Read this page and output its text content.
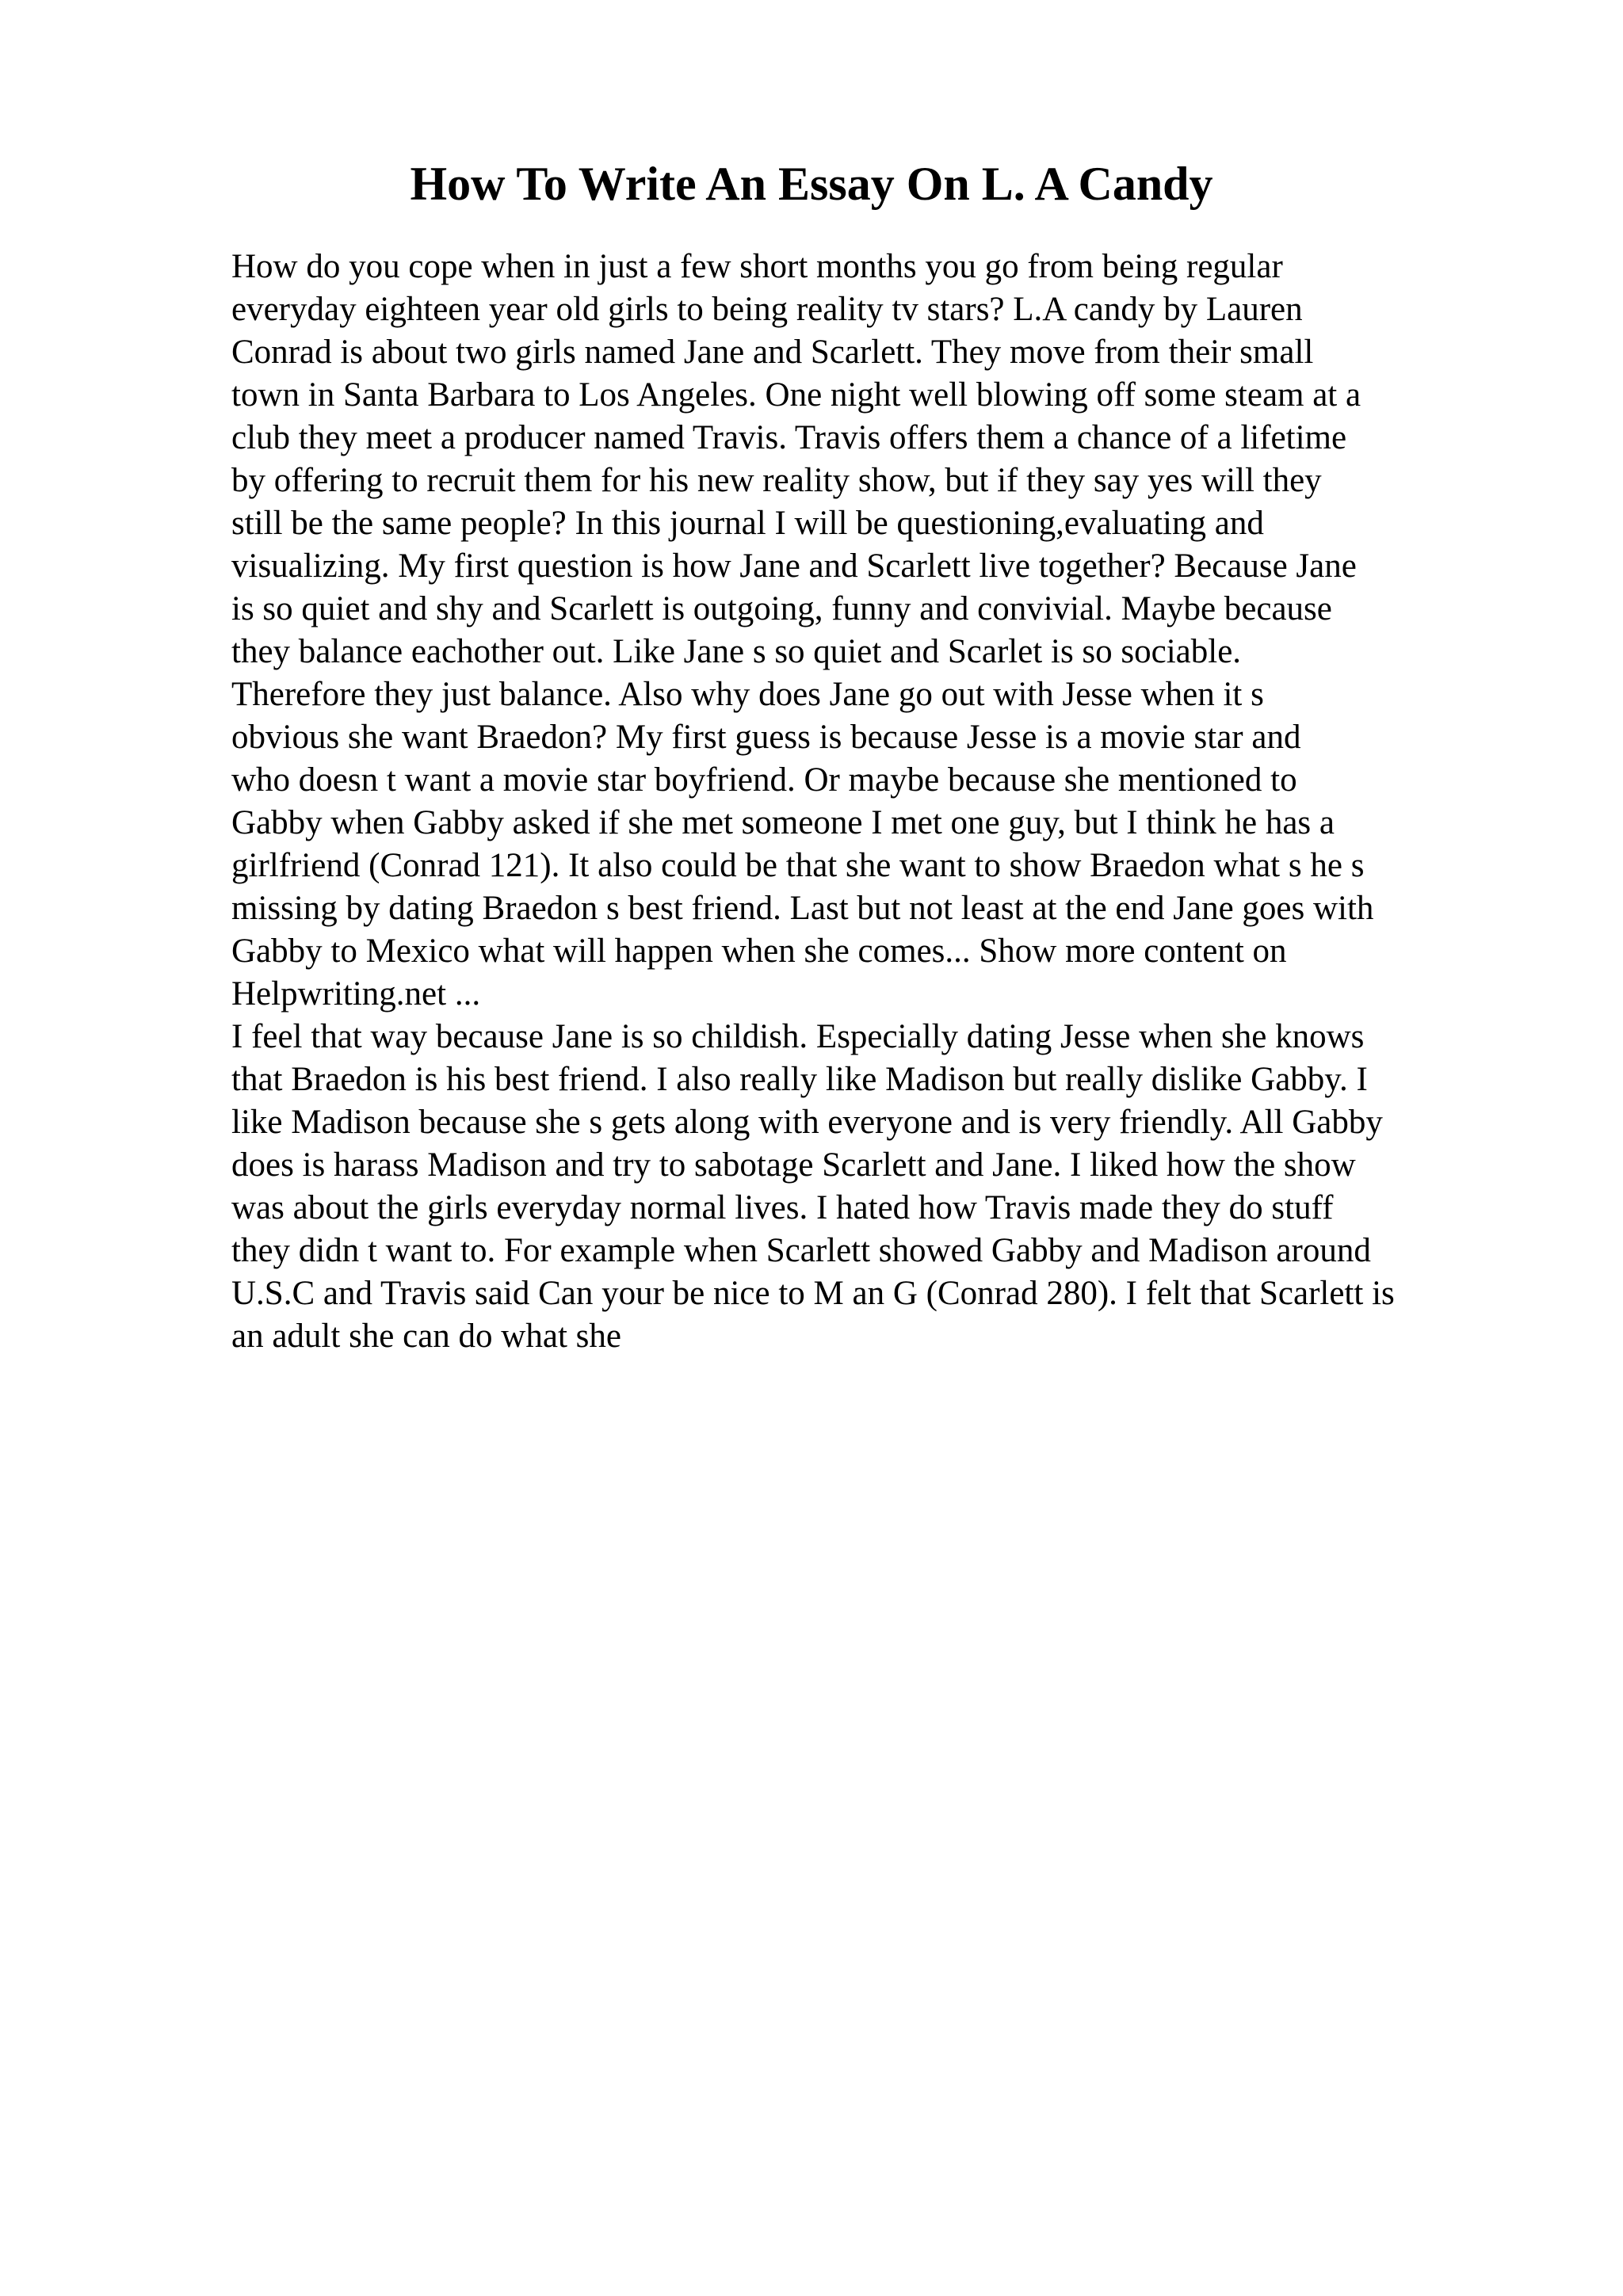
How To Write An Essay On L. A Candy
How do you cope when in just a few short months you go from being regular
everyday eighteen year old girls to being reality tv stars? L.A candy by Lauren
Conrad is about two girls named Jane and Scarlett. They move from their small
town in Santa Barbara to Los Angeles. One night well blowing off some steam at a
club they meet a producer named Travis. Travis offers them a chance of a lifetime
by offering to recruit them for his new reality show, but if they say yes will they
still be the same people? In this journal I will be questioning,evaluating and
visualizing. My first question is how Jane and Scarlett live together? Because Jane
is so quiet and shy and Scarlett is outgoing, funny and convivial. Maybe because
they balance eachother out. Like Jane s so quiet and Scarlet is so sociable.
Therefore they just balance. Also why does Jane go out with Jesse when it s
obvious she want Braedon? My first guess is because Jesse is a movie star and
who doesn t want a movie star boyfriend. Or maybe because she mentioned to
Gabby when Gabby asked if she met someone I met one guy, but I think he has a
girlfriend (Conrad 121). It also could be that she want to show Braedon what s he s
missing by dating Braedon s best friend. Last but not least at the end Jane goes with
Gabby to Mexico what will happen when she comes... Show more content on
Helpwriting.net ...
I feel that way because Jane is so childish. Especially dating Jesse when she knows
that Braedon is his best friend. I also really like Madison but really dislike Gabby. I
like Madison because she s gets along with everyone and is very friendly. All Gabby
does is harass Madison and try to sabotage Scarlett and Jane. I liked how the show
was about the girls everyday normal lives. I hated how Travis made they do stuff
they didn t want to. For example when Scarlett showed Gabby and Madison around
U.S.C and Travis said Can your be nice to M an G (Conrad 280). I felt that Scarlett is
an adult she can do what she
